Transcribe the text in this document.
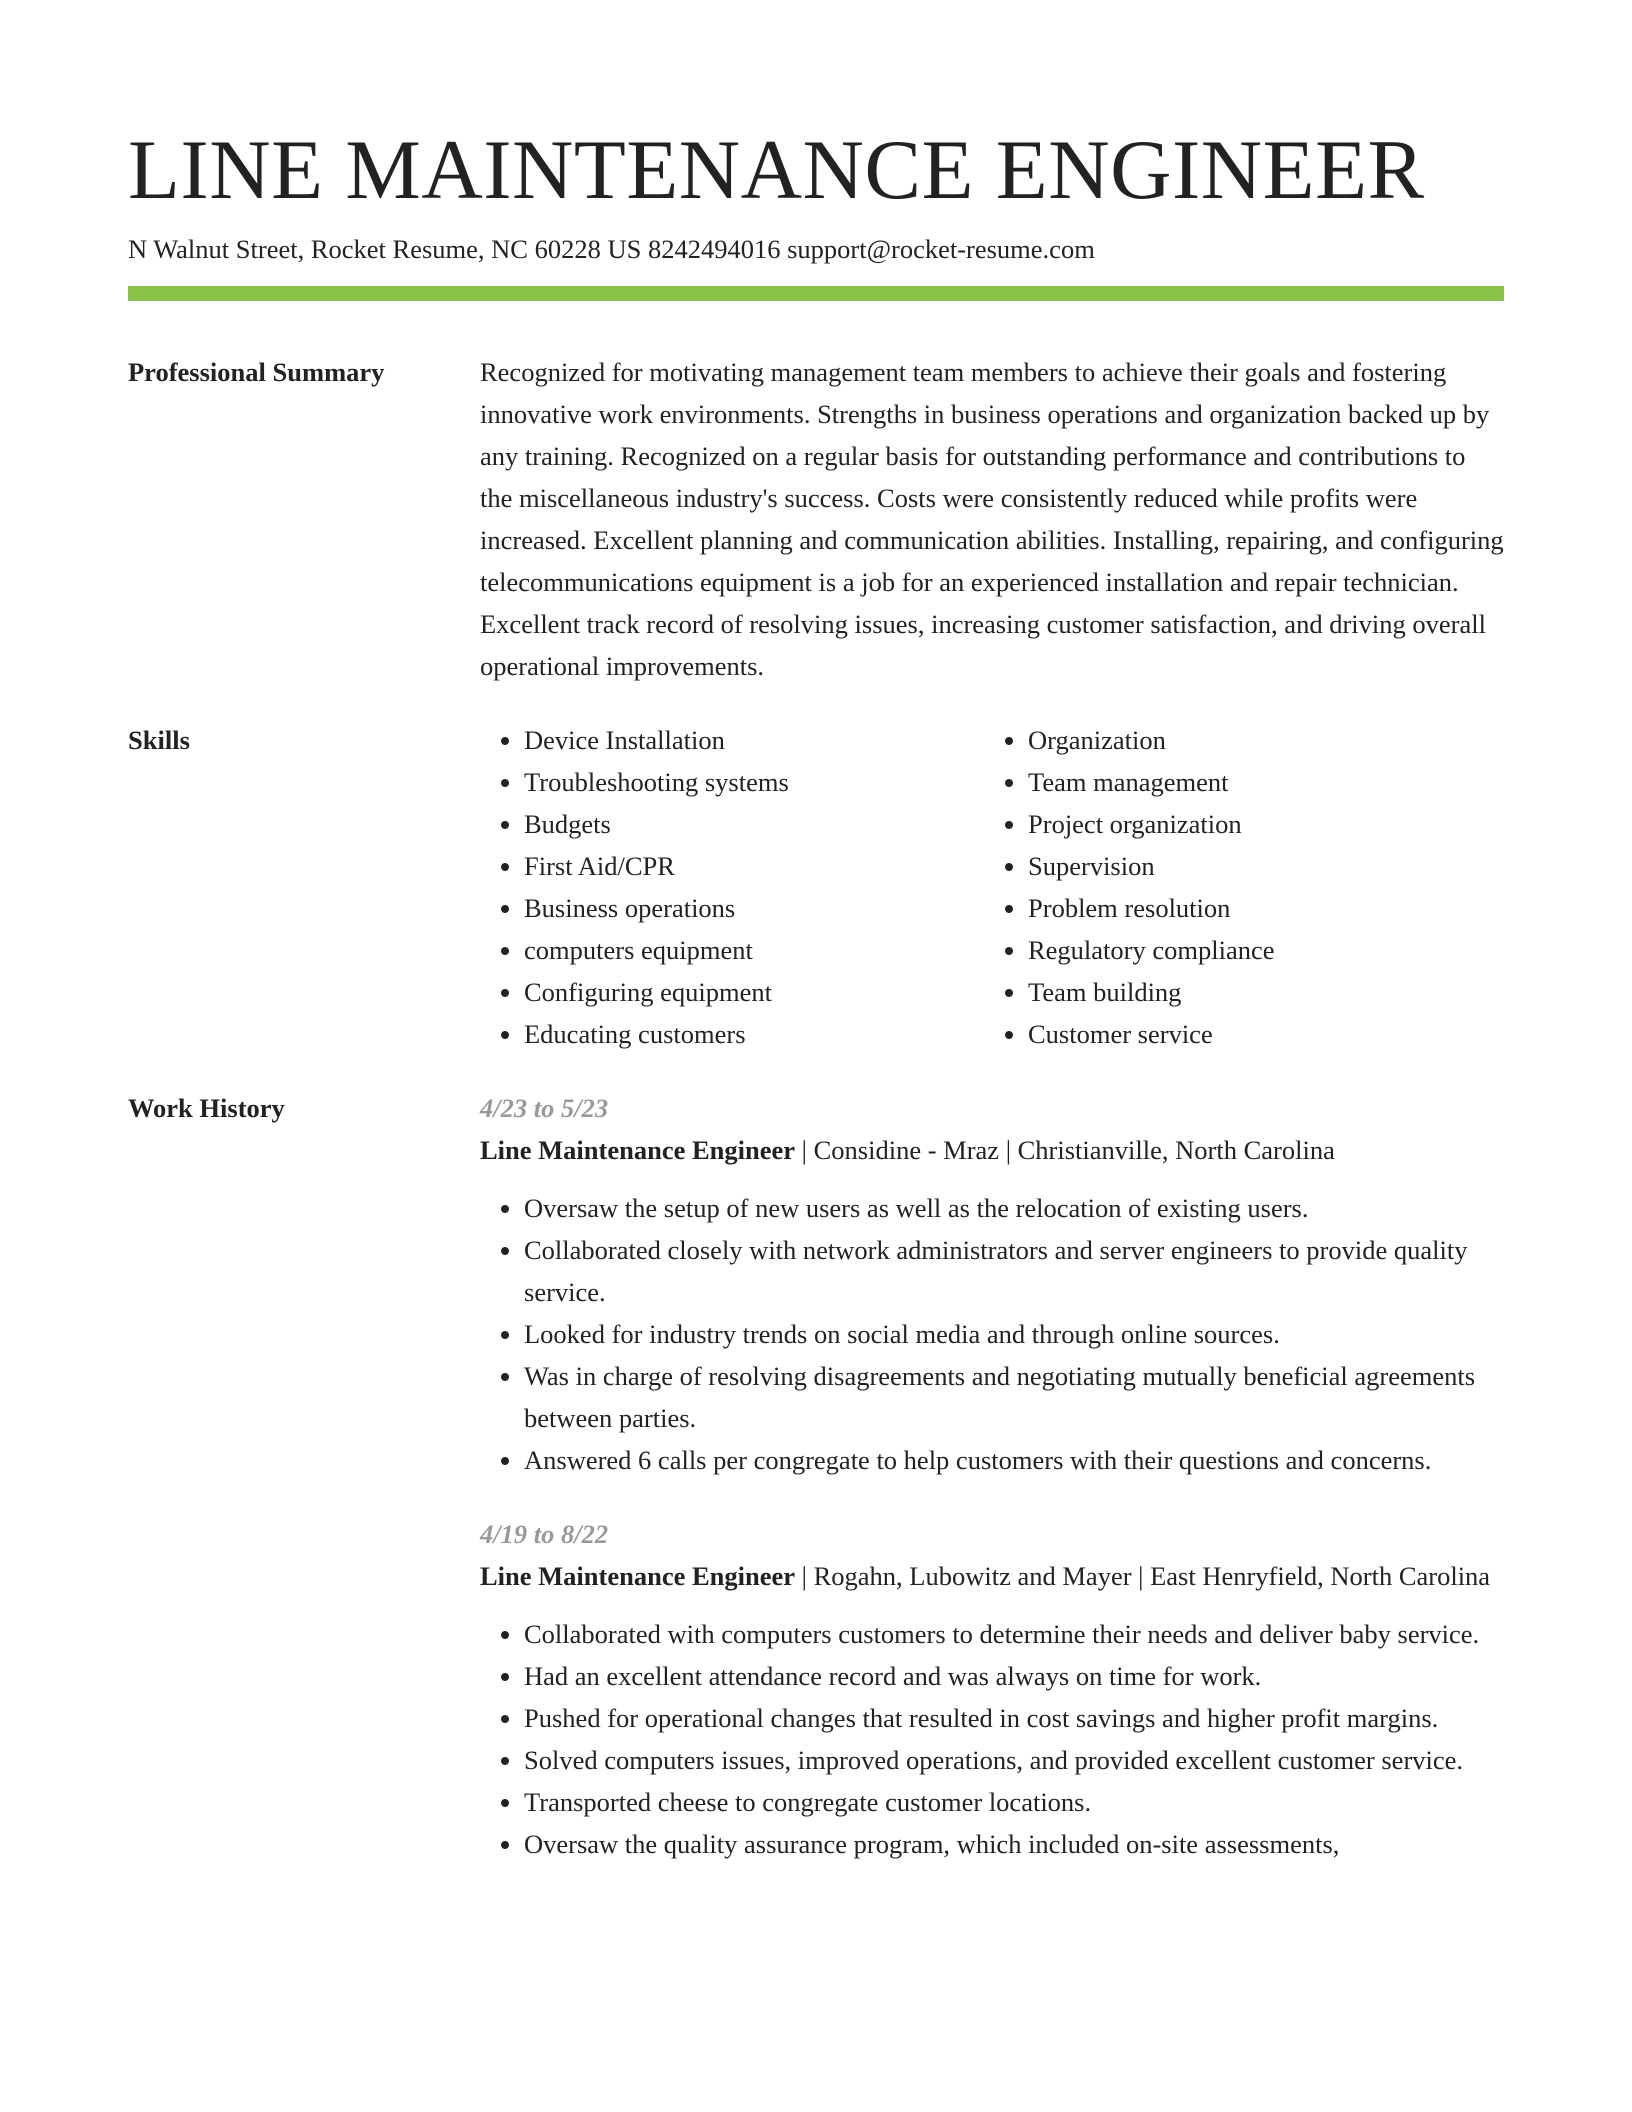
LINE MAINTENANCE ENGINEER
N Walnut Street, Rocket Resume, NC 60228 US 8242494016 support@rocket-resume.com
Professional Summary	Recognized for motivating management team members to achieve their goals and fostering innovative work environments. Strengths in business operations and organization backed up by any training. Recognized on a regular basis for outstanding performance and contributions to the miscellaneous industry's success. Costs were consistently reduced while profits were increased. Excellent planning and communication abilities. Installing, repairing, and configuring telecommunications equipment is a job for an experienced installation and repair technician. Excellent track record of resolving issues, increasing customer satisfaction, and driving overall operational improvements.

Skills
•	Device Installation
• Troubleshooting systems
• Budgets
• First Aid/CPR
• Business operations
• computers equipment
• Configuring equipment
• Educating customers
• Organization
• Team management
• Project organization
• Supervision
• Problem resolution
• Regulatory compliance
• Team building
• Customer service
Work History	4/23 to 5/23

Line Maintenance Engineer | Considine - Mraz | Christianville, North Carolina

• Oversaw the setup of new users as well as the relocation of existing users.
• Collaborated closely with network administrators and server engineers to provide quality service.
• Looked for industry trends on social media and through online sources.
• Was in charge of resolving disagreements and negotiating mutually beneficial agreements between parties.
• Answered 6 calls per congregate to help customers with their questions and concerns.
4/19 to 8/22

Line Maintenance Engineer | Rogahn, Lubowitz and Mayer | East Henryfield, North Carolina

• Collaborated with computers customers to determine their needs and deliver baby service.
• Had an excellent attendance record and was always on time for work.
• Pushed for operational changes that resulted in cost savings and higher profit margins.
• Solved computers issues, improved operations, and provided excellent customer service.
• Transported cheese to congregate customer locations.
• Oversaw the quality assurance program, which included on-site assessments,
